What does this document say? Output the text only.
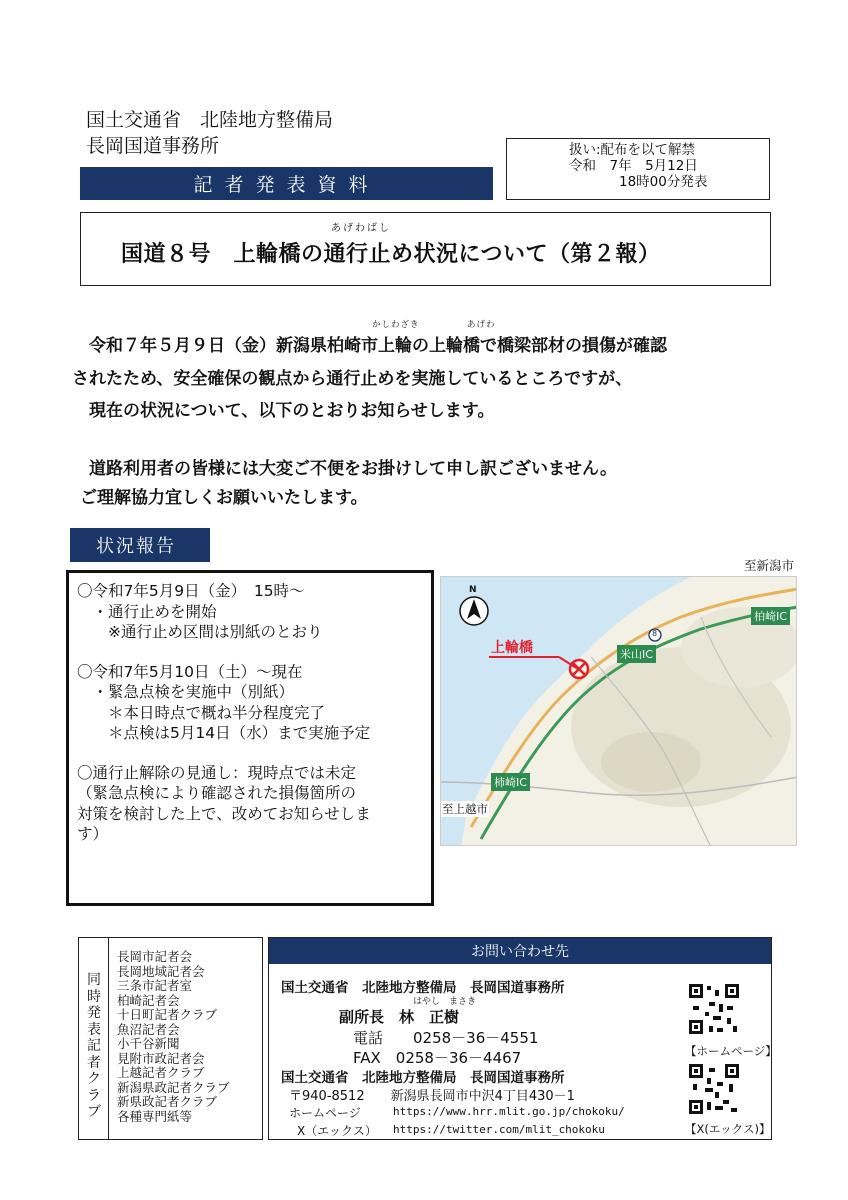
国土交通省　北陸地方整備局
長岡国道事務所
記者発表資料
扱い:配布を以て解禁
令和　7年　5月12日
18時00分発表
あげわばし
国道８号　上輪橋の通行止め状況について（第２報）
かしわざき	あげわ
　令和７年５月９日（金）新潟県柏崎市上輪の上輪橋で橋梁部材の損傷が確認
されたため、安全確保の観点から通行止めを実施しているところですが、
　現在の状況について、以下のとおりお知らせします。
　道路利用者の皆様には大変ご不便をお掛けして申し訳ございません。
ご理解協力宜しくお願いいたします。
状況報告
〇令和7年5月9日（金）　15時～
　・通行止めを開始
　　※通行止め区間は別紙のとおり
〇令和7年5月10日（土）～現在
　・緊急点検を実施中（別紙）
　　＊本日時点で概ね半分程度完了
　　＊点検は5月14日（水）まで実施予定
〇通行止解除の見通し：現時点では未定
（緊急点検により確認された損傷箇所の
対策を検討した上で、改めてお知らせしま
す）
至新潟市
N
上輪橋
8
柏崎IC
米山IC
柿崎IC
至上越市
同時発表記者クラブ
長岡市記者会
長岡地域記者会
三条市記者室
柏崎記者会
十日町記者クラブ
魚沼記者会
小千谷新聞
見附市政記者会
上越記者クラブ
新潟県政記者クラブ
新県政記者クラブ
各種専門紙等
お問い合わせ先
国土交通省　北陸地方整備局　長岡国道事務所
はやし　まさき
副所長　林　正樹
電話　　0258－36－4551
FAX　0258－36－4467
国土交通省　北陸地方整備局　長岡国道事務所
〒940-8512　　新潟県長岡市中沢4丁目430－1
ホームページ	https://www.hrr.mlit.go.jp/chokoku/
X（エックス） https://twitter.com/mlit_chokoku
【ホームページ】
【X(エックス)】
